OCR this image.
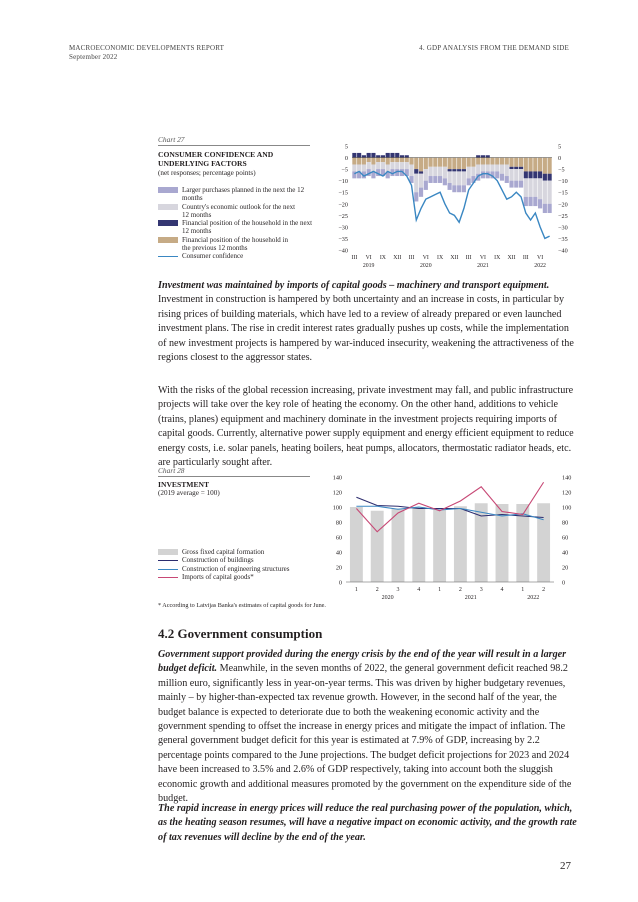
MACROECONOMIC DEVELOPMENTS REPORT
September 2022
4. GDP ANALYSIS FROM THE DEMAND SIDE
Chart 27
CONSUMER CONFIDENCE AND
UNDERLYING FACTORS
(net responses; percentage points)
Larger purchases planned in the next the 12 months
Country's economic outlook for the next
12 months
Financial position of the household in the next
12 months
Financial position of the household in
the previous 12 months
Consumer confidence
5	5
0	0
−5	−5
−10	−10
−15	−15
−20	−20
−25	−25
−30	−30
−35	−35
−40	−40
III VI IX XII III VI IX XII III VI IX XII III VI
2019	2020	2021	2022

Investment was maintained by imports of capital goods – machinery and transport equipment. Investment in construction is hampered by both uncertainty and an increase in costs, in particular by rising prices of building materials, which have led to a review of already prepared or even launched investment plans. The rise in credit interest rates gradually pushes up costs, while the implementation of new investment projects is hampered by war-induced insecurity, weakening the attractiveness of the regions closest to the aggressor states.

With the risks of the global recession increasing, private investment may fall, and public infrastructure projects will take over the key role of heating the economy. On the other hand, additions to vehicle (trains, planes) equipment and machinery dominate in the investment projects requiring imports of capital goods. Currently, alternative power supply equipment and energy efficient equipment to reduce energy costs, i.e. solar panels, heating boilers, heat pumps, allocators, thermostatic radiator heads, etc. are particularly sought after.

Chart 28
INVESTMENT
(2019 average = 100)
Gross fixed capital formation
Construction of buildings
Construction of engineering structures
Imports of capital goods*
140	140
120	120
100	100
80	80
60	60
40	40
20	20
0	0
1	2	3	4	1	2	3	4	1	2
2020	2021	2022
* According to Latvijas Banka's estimates of capital goods for June.
4.2 Government consumption

Government support provided during the energy crisis by the end of the year will result in a larger budget deficit. Meanwhile, in the seven months of 2022, the general government deficit reached 98.2 million euro, significantly less in year-on-year terms. This was driven by higher budgetary revenues, mainly – by higher-than-expected tax revenue growth. However, in the second half of the year, the budget balance is expected to deteriorate due to both the weakening economic activity and the government spending to offset the increase in energy prices and mitigate the impact of inflation. The general government budget deficit for this year is estimated at 7.9% of GDP, increasing by 2.2 percentage points compared to the June projections. The budget deficit projections for 2023 and 2024 have been increased to 3.5% and 2.6% of GDP respectively, taking into account both the sluggish economic growth and additional measures promoted by the government on the expenditure side of the budget.

The rapid increase in energy prices will reduce the real purchasing power of the population, which, as the heating season resumes, will have a negative impact on economic activity, and the growth rate of tax revenues will decline by the end of the year.

27
